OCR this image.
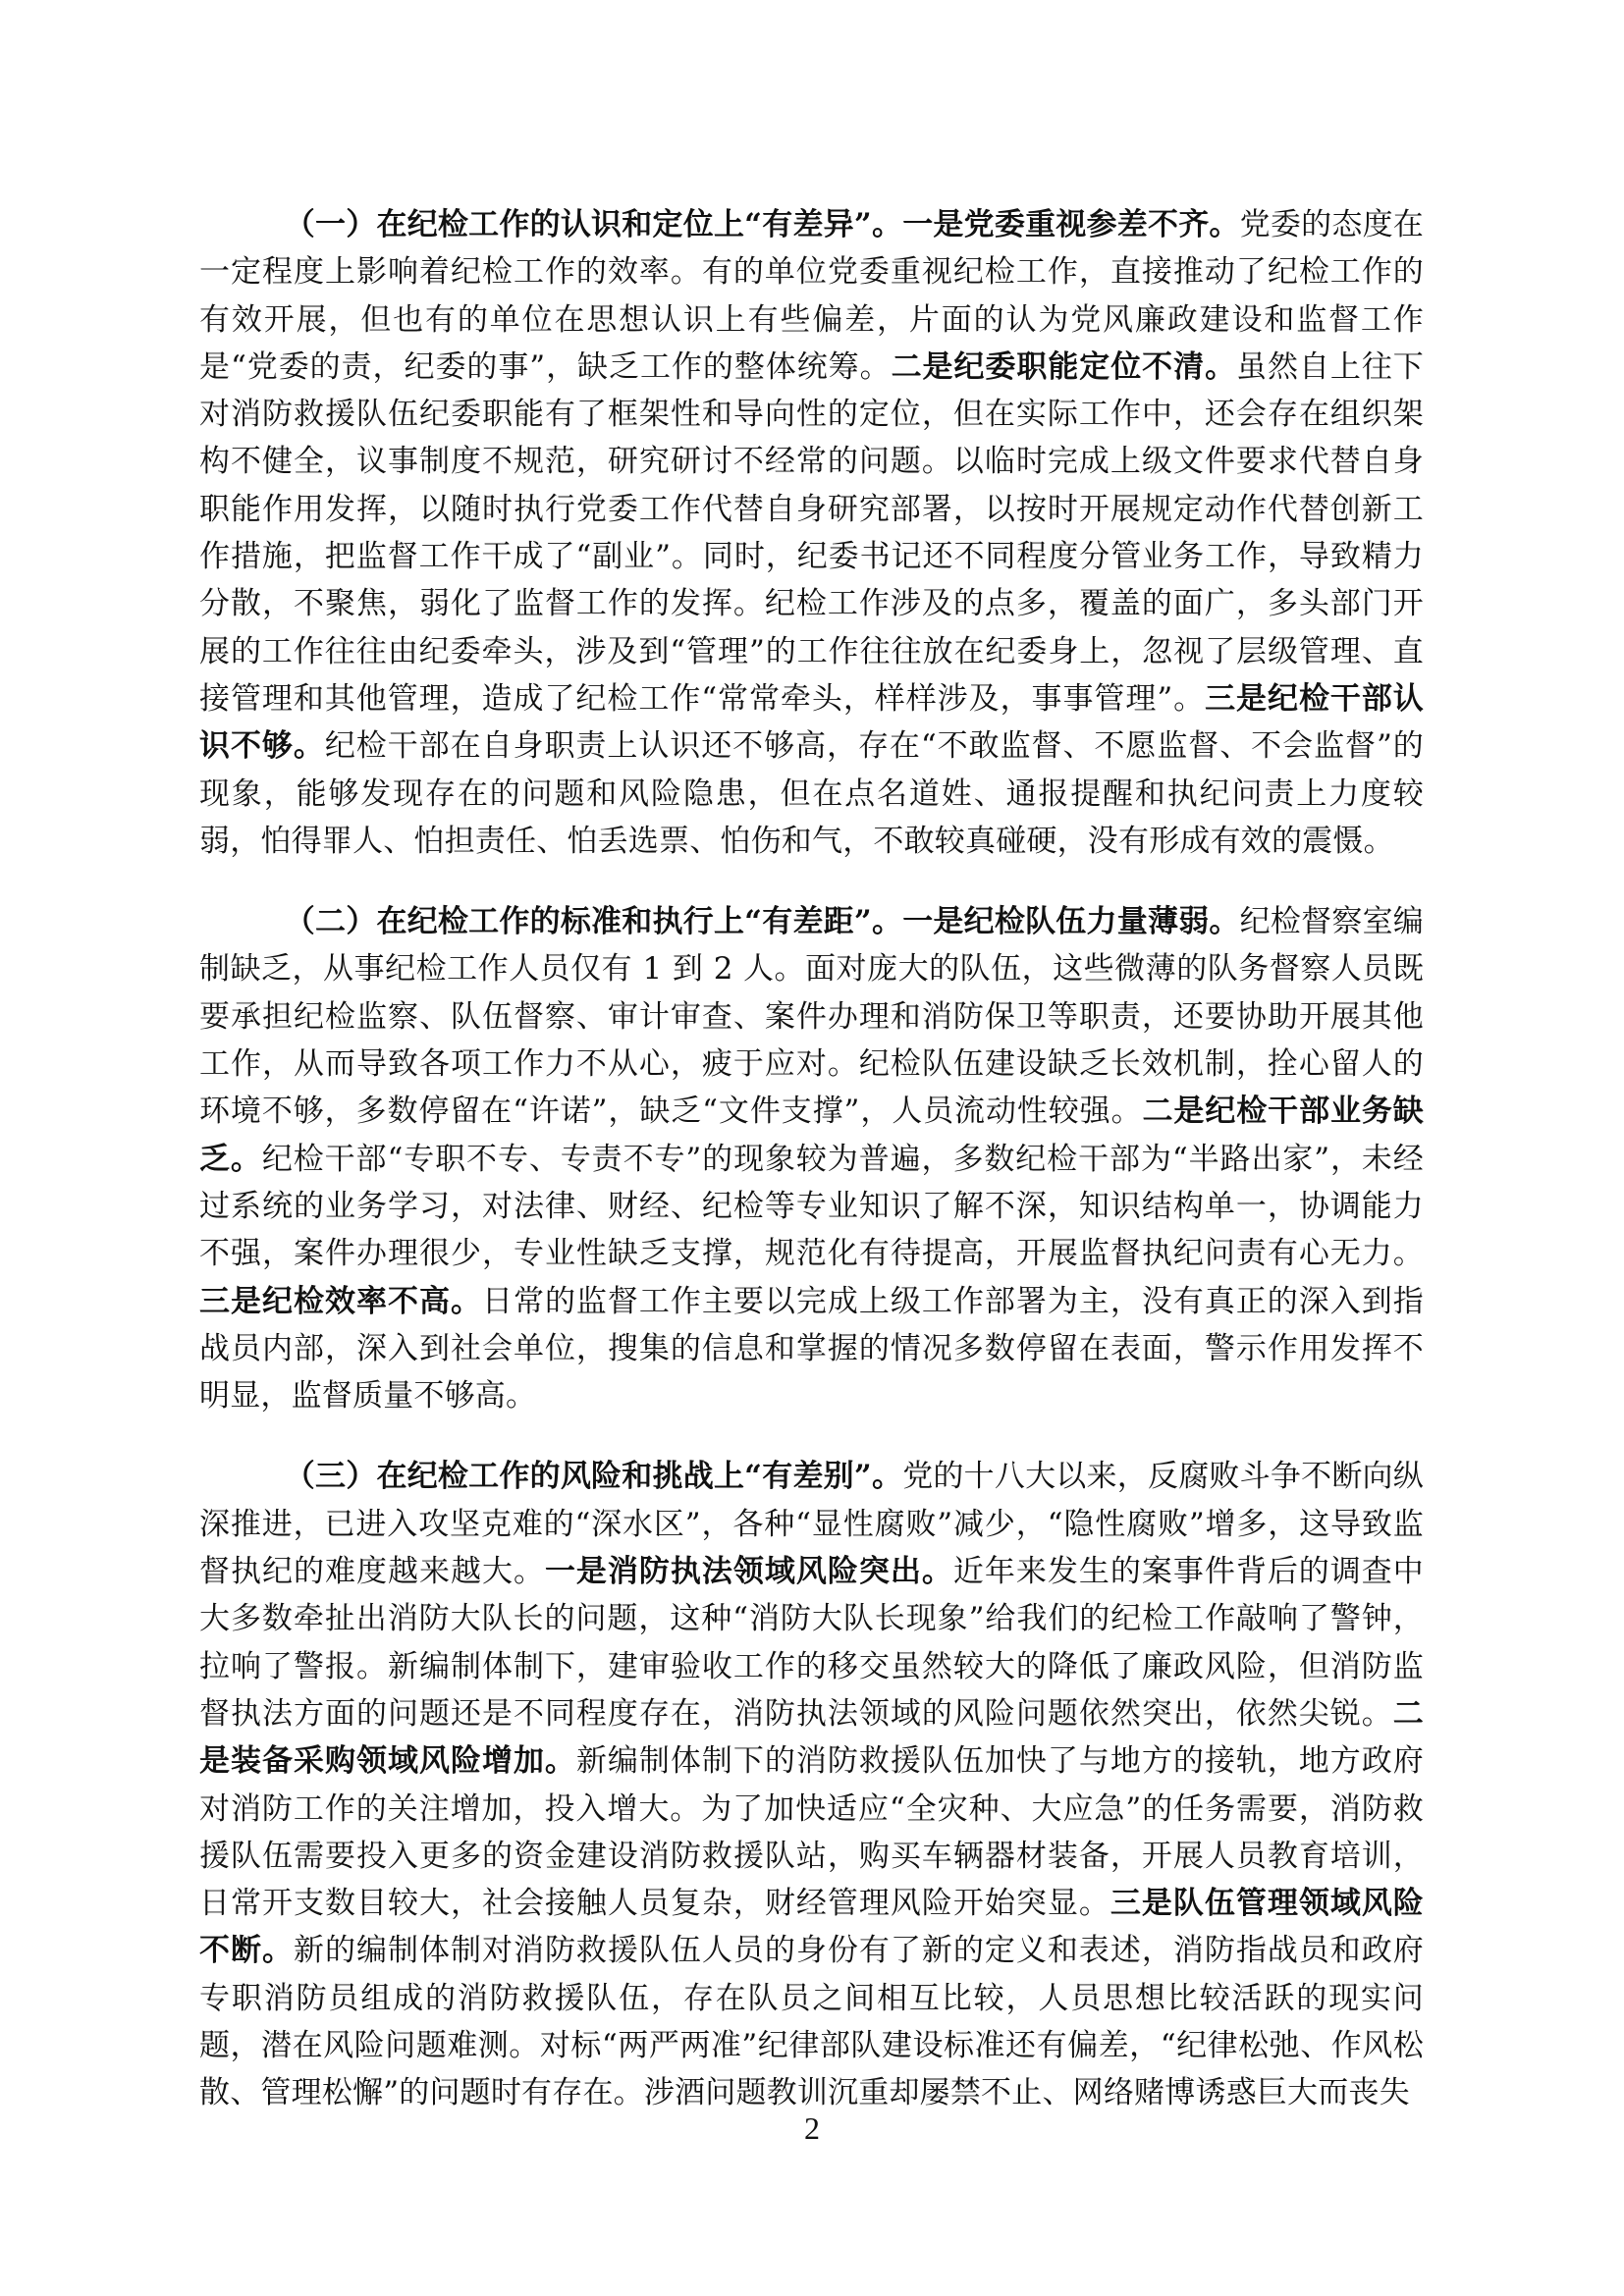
（一）在纪检工作的认识和定位上“有差异”。一是党委重视参差不齐。党委的态度在一定程度上影响着纪检工作的效率。有的单位党委重视纪检工作，直接推动了纪检工作的有效开展，但也有的单位在思想认识上有些偏差，片面的认为党风廉政建设和监督工作是“党委的责，纪委的事”，缺乏工作的整体统筹。二是纪委职能定位不清。虽然自上往下对消防救援队伍纪委职能有了框架性和导向性的定位，但在实际工作中，还会存在组织架构不健全，议事制度不规范，研究研讨不经常的问题。以临时完成上级文件要求代替自身职能作用发挥，以随时执行党委工作代替自身研究部署，以按时开展规定动作代替创新工作措施，把监督工作干成了“副业”。同时，纪委书记还不同程度分管业务工作，导致精力分散，不聚焦，弱化了监督工作的发挥。纪检工作涉及的点多，覆盖的面广，多头部门开展的工作往往由纪委牵头，涉及到“管理”的工作往往放在纪委身上，忽视了层级管理、直接管理和其他管理，造成了纪检工作“常常牵头，样样涉及，事事管理”。三是纪检干部认识不够。纪检干部在自身职责上认识还不够高，存在“不敢监督、不愿监督、不会监督”的现象，能够发现存在的问题和风险隐患，但在点名道姓、通报提醒和执纪问责上力度较弱，怕得罪人、怕担责任、怕丢选票、怕伤和气，不敢较真碰硬，没有形成有效的震慑。

（二）在纪检工作的标准和执行上“有差距”。一是纪检队伍力量薄弱。纪检督察室编制缺乏，从事纪检工作人员仅有 1 到 2 人。面对庞大的队伍，这些微薄的队务督察人员既要承担纪检监察、队伍督察、审计审查、案件办理和消防保卫等职责，还要协助开展其他工作，从而导致各项工作力不从心，疲于应对。纪检队伍建设缺乏长效机制，拴心留人的环境不够，多数停留在“许诺”，缺乏“文件支撑”，人员流动性较强。二是纪检干部业务缺乏。纪检干部“专职不专、专责不专”的现象较为普遍，多数纪检干部为“半路出家”，未经过系统的业务学习，对法律、财经、纪检等专业知识了解不深，知识结构单一，协调能力不强，案件办理很少，专业性缺乏支撑，规范化有待提高，开展监督执纪问责有心无力。三是纪检效率不高。日常的监督工作主要以完成上级工作部署为主，没有真正的深入到指战员内部，深入到社会单位，搜集的信息和掌握的情况多数停留在表面，警示作用发挥不明显，监督质量不够高。

（三）在纪检工作的风险和挑战上“有差别”。党的十八大以来，反腐败斗争不断向纵深推进，已进入攻坚克难的“深水区”，各种“显性腐败”减少，“隐性腐败”增多，这导致监督执纪的难度越来越大。一是消防执法领域风险突出。近年来发生的案事件背后的调查中大多数牵扯出消防大队长的问题，这种“消防大队长现象”给我们的纪检工作敲响了警钟，拉响了警报。新编制体制下，建审验收工作的移交虽然较大的降低了廉政风险，但消防监督执法方面的问题还是不同程度存在，消防执法领域的风险问题依然突出，依然尖锐。二是装备采购领域风险增加。新编制体制下的消防救援队伍加快了与地方的接轨，地方政府对消防工作的关注增加，投入增大。为了加快适应“全灾种、大应急”的任务需要，消防救援队伍需要投入更多的资金建设消防救援队站，购买车辆器材装备，开展人员教育培训，日常开支数目较大，社会接触人员复杂，财经管理风险开始突显。三是队伍管理领域风险不断。新的编制体制对消防救援队伍人员的身份有了新的定义和表述，消防指战员和政府专职消防员组成的消防救援队伍，存在队员之间相互比较，人员思想比较活跃的现实问题，潜在风险问题难测。对标“两严两准”纪律部队建设标准还有偏差，“纪律松弛、作风松散、管理松懈”的问题时有存在。涉酒问题教训沉重却屡禁不止、网络赌博诱惑巨大而丧失

2
